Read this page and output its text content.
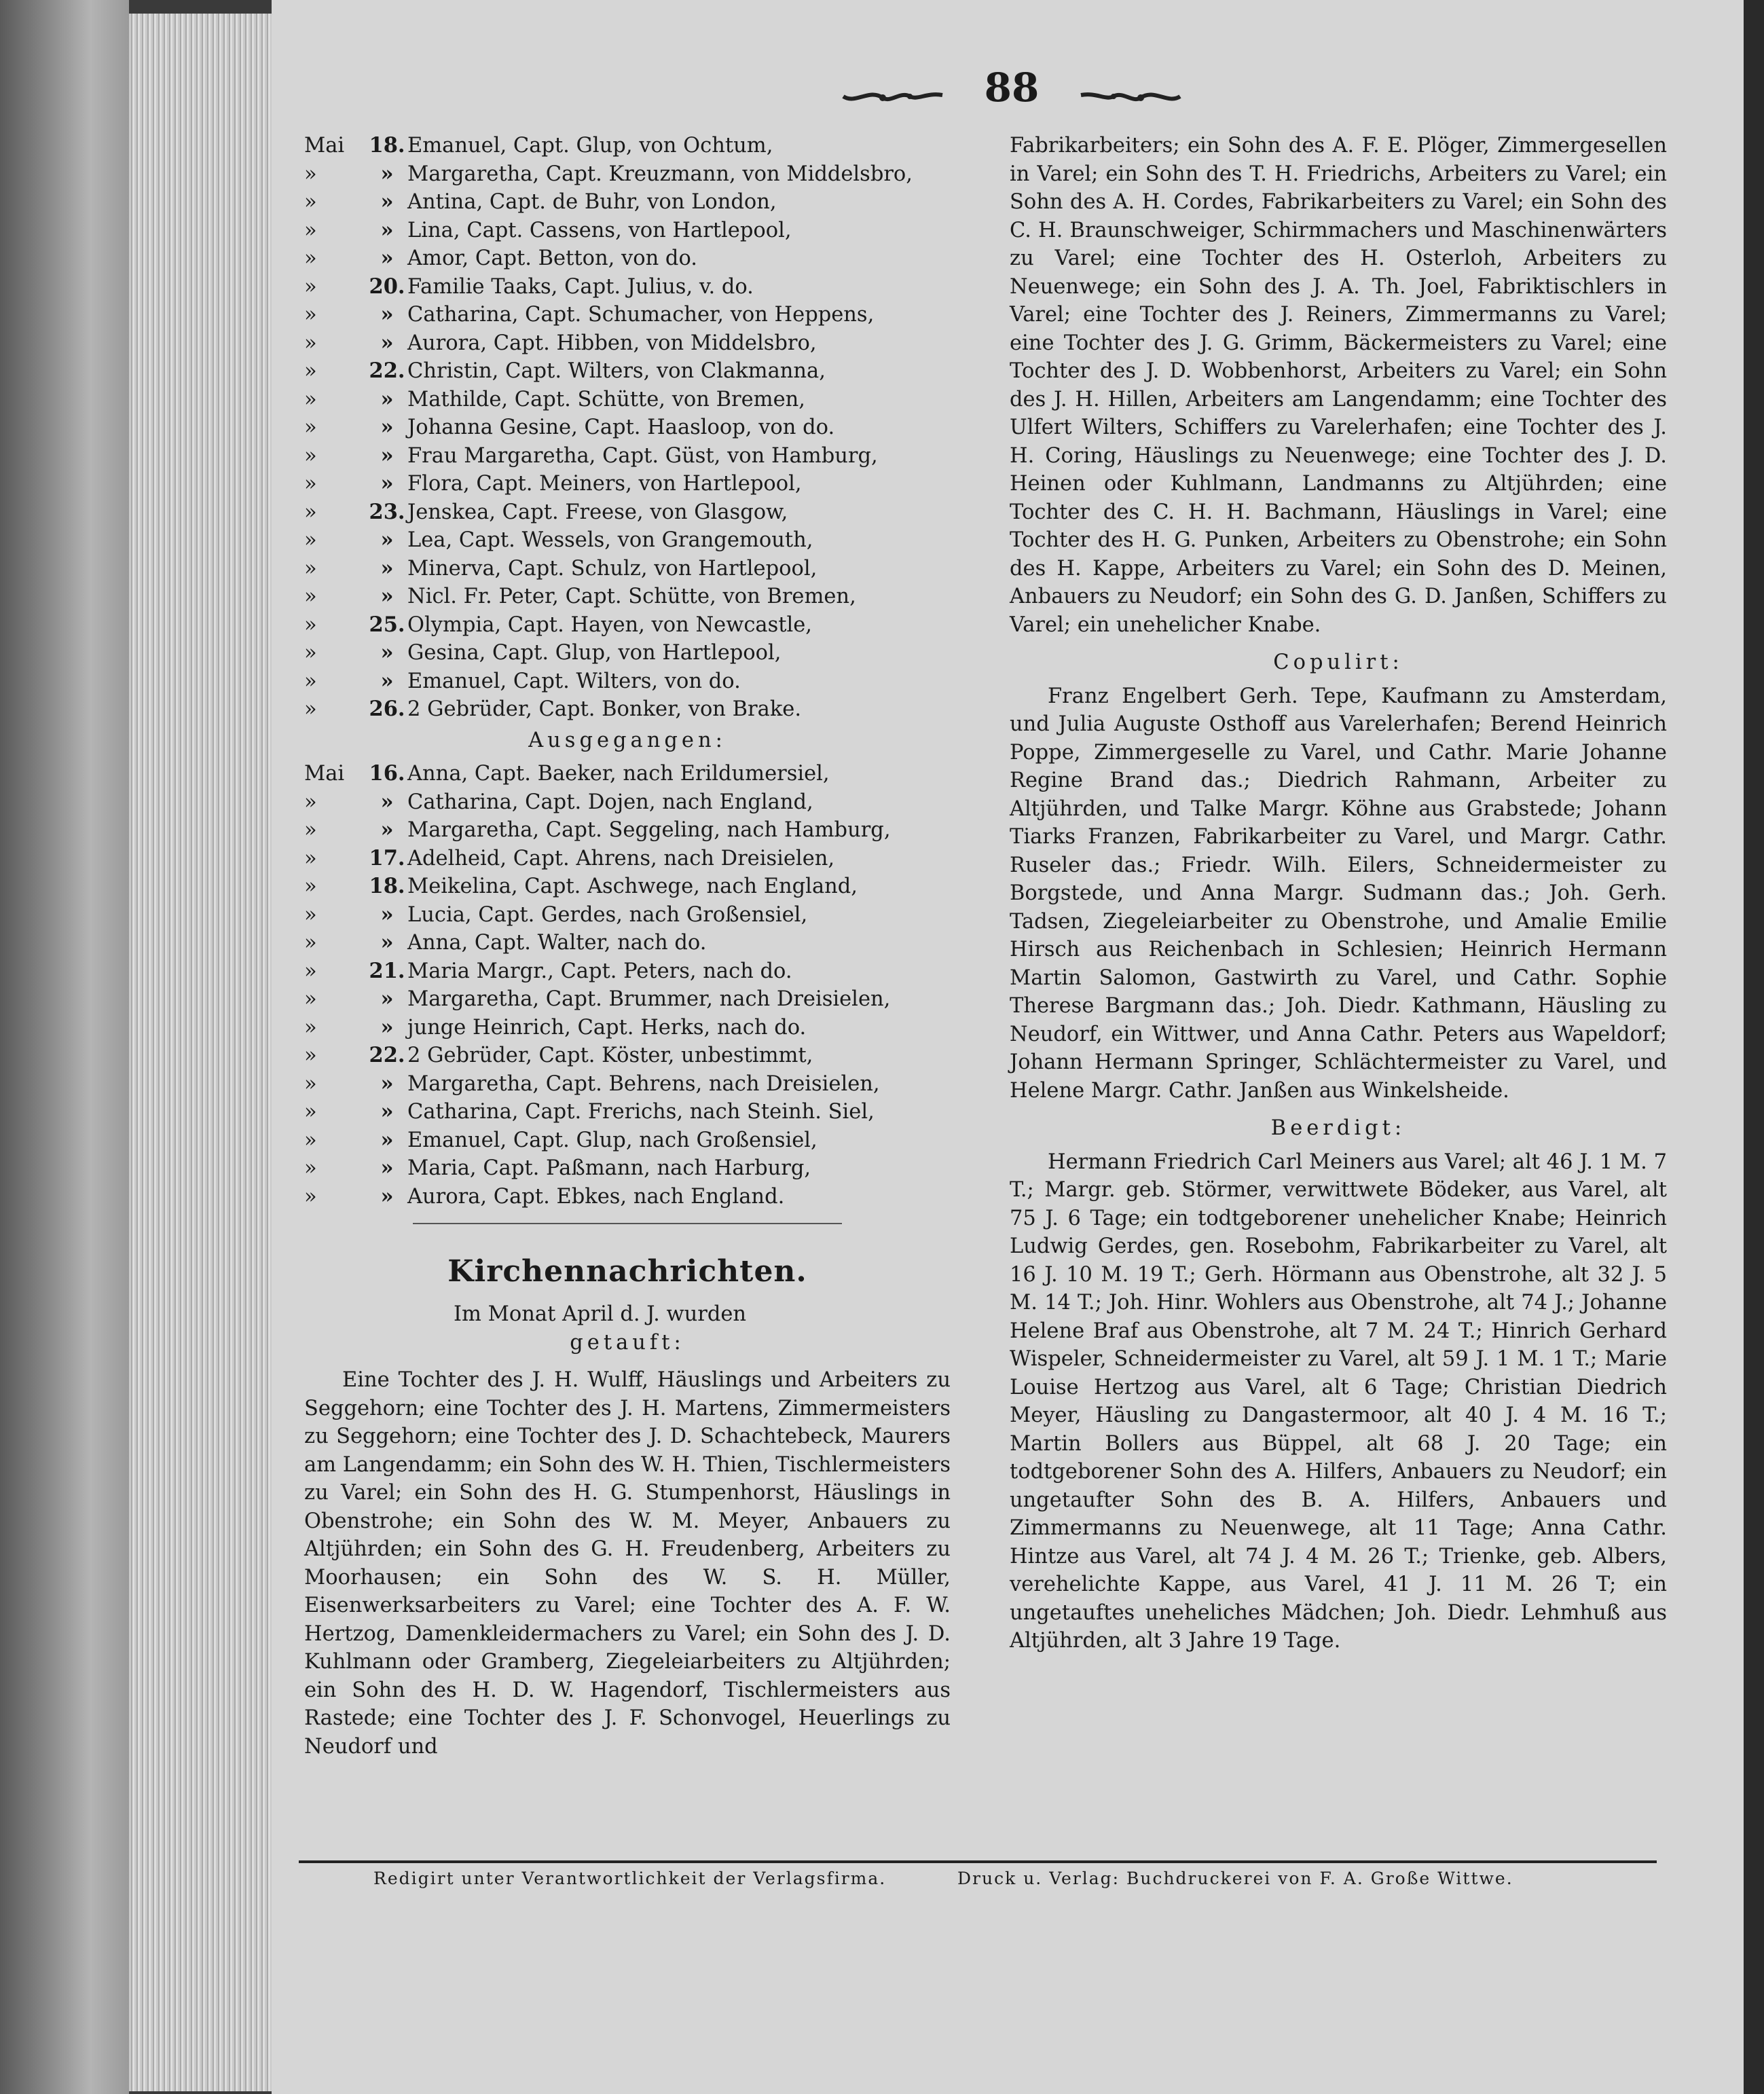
88
Mai	18. Emanuel, Capt. Glup, von Ochtum,
»	» Margaretha, Capt. Kreuzmann, von Middelsbro,
»	» Antina, Capt. de Buhr, von London,
»	» Lina, Capt. Cassens, von Hartlepool,
»	» Amor, Capt. Betton, von do.
»	20. Familie Taaks, Capt. Julius, v. do.
»	» Catharina, Capt. Schumacher, von Heppens,
»	» Aurora, Capt. Hibben, von Middelsbro,
»	22. Christin, Capt. Wilters, von Clakmanna,
»	» Mathilde, Capt. Schütte, von Bremen,
»	» Johanna Gesine, Capt. Haasloop, von do.
»	» Frau Margaretha, Capt. Güst, von Hamburg,
»	» Flora, Capt. Meiners, von Hartlepool,
»	23. Jenskea, Capt. Freese, von Glasgow,
»	» Lea, Capt. Wessels, von Grangemouth,
»	» Minerva, Capt. Schulz, von Hartlepool,
»	» Nicl. Fr. Peter, Capt. Schütte, von Bremen,
»	25. Olympia, Capt. Hayen, von Newcastle,
»	» Gesina, Capt. Glup, von Hartlepool,
»	» Emanuel, Capt. Wilters, von do.
»	26. 2 Gebrüder, Capt. Bonker, von Brake.
Ausgegangen:
Mai	16. Anna, Capt. Baeker, nach Erildumersiel,
»	» Catharina, Capt. Dojen, nach England,
»	» Margaretha, Capt. Seggeling, nach Hamburg,
»	17. Adelheid, Capt. Ahrens, nach Dreisielen,
»	18. Meikelina, Capt. Aschwege, nach England,
»	» Lucia, Capt. Gerdes, nach Großensiel,
»	» Anna, Capt. Walter, nach do.
»	21. Maria Margr., Capt. Peters, nach do.
»	» Margaretha, Capt. Brummer, nach Dreisielen,
»	» junge Heinrich, Capt. Herks, nach do.
»	22. 2 Gebrüder, Capt. Köster, unbestimmt,
»	» Margaretha, Capt. Behrens, nach Dreisielen,
»	» Catharina, Capt. Frerichs, nach Steinh. Siel,
»	» Emanuel, Capt. Glup, nach Großensiel,
»	» Maria, Capt. Paßmann, nach Harburg,
»	» Aurora, Capt. Ebkes, nach England.
Kirchennachrichten.
Im Monat April d. J. wurden
getauft:
Eine Tochter des J. H. Wulff, Häuslings und Arbeiters zu Seggehorn; eine Tochter des J. H. Martens, Zimmermeisters zu Seggehorn; eine Tochter des J. D. Schachtebeck, Maurers am Langendamm; ein Sohn des W. H. Thien, Tischlermeisters zu Varel; ein Sohn des H. G. Stumpenhorst, Häuslings in Obenstrohe; ein Sohn des W. M. Meyer, Anbauers zu Altjührden; ein Sohn des G. H. Freudenberg, Arbeiters zu Moorhausen; ein Sohn des W. S. H. Müller, Eisenwerksarbeiters zu Varel; eine Tochter des A. F. W. Hertzog, Damenkleidermachers zu Varel; ein Sohn des J. D. Kuhlmann oder Gramberg, Ziegeleiarbeiters zu Altjührden; ein Sohn des H. D. W. Hagendorf, Tischlermeisters aus Rastede; eine Tochter des J. F. Schonvogel, Heuerlings zu Neudorf und
Fabrikarbeiters; ein Sohn des A. F. E. Plöger, Zimmergesellen in Varel; ein Sohn des T. H. Friedrichs, Arbeiters zu Varel; ein Sohn des A. H. Cordes, Fabrikarbeiters zu Varel; ein Sohn des C. H. Braunschweiger, Schirmmachers und Maschinenwärters zu Varel; eine Tochter des H. Osterloh, Arbeiters zu Neuenwege; ein Sohn des J. A. Th. Joel, Fabriktischlers in Varel; eine Tochter des J. Reiners, Zimmermanns zu Varel; eine Tochter des J. G. Grimm, Bäckermeisters zu Varel; eine Tochter des J. D. Wobbenhorst, Arbeiters zu Varel; ein Sohn des J. H. Hillen, Arbeiters am Langendamm; eine Tochter des Ulfert Wilters, Schiffers zu Varelerhafen; eine Tochter des J. H. Coring, Häuslings zu Neuenwege; eine Tochter des J. D. Heinen oder Kuhlmann, Landmanns zu Altjührden; eine Tochter des C. H. H. Bachmann, Häuslings in Varel; eine Tochter des H. G. Punken, Arbeiters zu Obenstrohe; ein Sohn des H. Kappe, Arbeiters zu Varel; ein Sohn des D. Meinen, Anbauers zu Neudorf; ein Sohn des G. D. Janßen, Schiffers zu Varel; ein unehelicher Knabe.
Copulirt:
Franz Engelbert Gerh. Tepe, Kaufmann zu Amsterdam, und Julia Auguste Osthoff aus Varelerhafen; Berend Heinrich Poppe, Zimmergeselle zu Varel, und Cathr. Marie Johanne Regine Brand das.; Diedrich Rahmann, Arbeiter zu Altjührden, und Talke Margr. Köhne aus Grabstede; Johann Tiarks Franzen, Fabrikarbeiter zu Varel, und Margr. Cathr. Ruseler das.; Friedr. Wilh. Eilers, Schneidermeister zu Borgstede, und Anna Margr. Sudmann das.; Joh. Gerh. Tadsen, Ziegeleiarbeiter zu Obenstrohe, und Amalie Emilie Hirsch aus Reichenbach in Schlesien; Heinrich Hermann Martin Salomon, Gastwirth zu Varel, und Cathr. Sophie Therese Bargmann das.; Joh. Diedr. Kathmann, Häusling zu Neudorf, ein Wittwer, und Anna Cathr. Peters aus Wapeldorf; Johann Hermann Springer, Schlächtermeister zu Varel, und Helene Margr. Cathr. Janßen aus Winkelsheide.
Beerdigt:
Hermann Friedrich Carl Meiners aus Varel; alt 46 J. 1 M. 7 T.; Margr. geb. Störmer, verwittwete Bödeker, aus Varel, alt 75 J. 6 Tage; ein todtgeborener unehelicher Knabe; Heinrich Ludwig Gerdes, gen. Rosebohm, Fabrikarbeiter zu Varel, alt 16 J. 10 M. 19 T.; Gerh. Hörmann aus Obenstrohe, alt 32 J. 5 M. 14 T.; Joh. Hinr. Wohlers aus Obenstrohe, alt 74 J.; Johanne Helene Braf aus Obenstrohe, alt 7 M. 24 T.; Hinrich Gerhard Wispeler, Schneidermeister zu Varel, alt 59 J. 1 M. 1 T.; Marie Louise Hertzog aus Varel, alt 6 Tage; Christian Diedrich Meyer, Häusling zu Dangastermoor, alt 40 J. 4 M. 16 T.; Martin Bollers aus Büppel, alt 68 J. 20 Tage; ein todtgeborener Sohn des A. Hilfers, Anbauers zu Neudorf; ein ungetaufter Sohn des B. A. Hilfers, Anbauers und Zimmermanns zu Neuenwege, alt 11 Tage; Anna Cathr. Hintze aus Varel, alt 74 J. 4 M. 26 T.; Trienke, geb. Albers, verehelichte Kappe, aus Varel, 41 J. 11 M. 26 T; ein ungetauftes uneheliches Mädchen; Joh. Diedr. Lehmhuß aus Altjührden, alt 3 Jahre 19 Tage.
Redigirt unter Verantwortlichkeit der Verlagsfirma.	Druck u. Verlag: Buchdruckerei von F. A. Große Wittwe.
